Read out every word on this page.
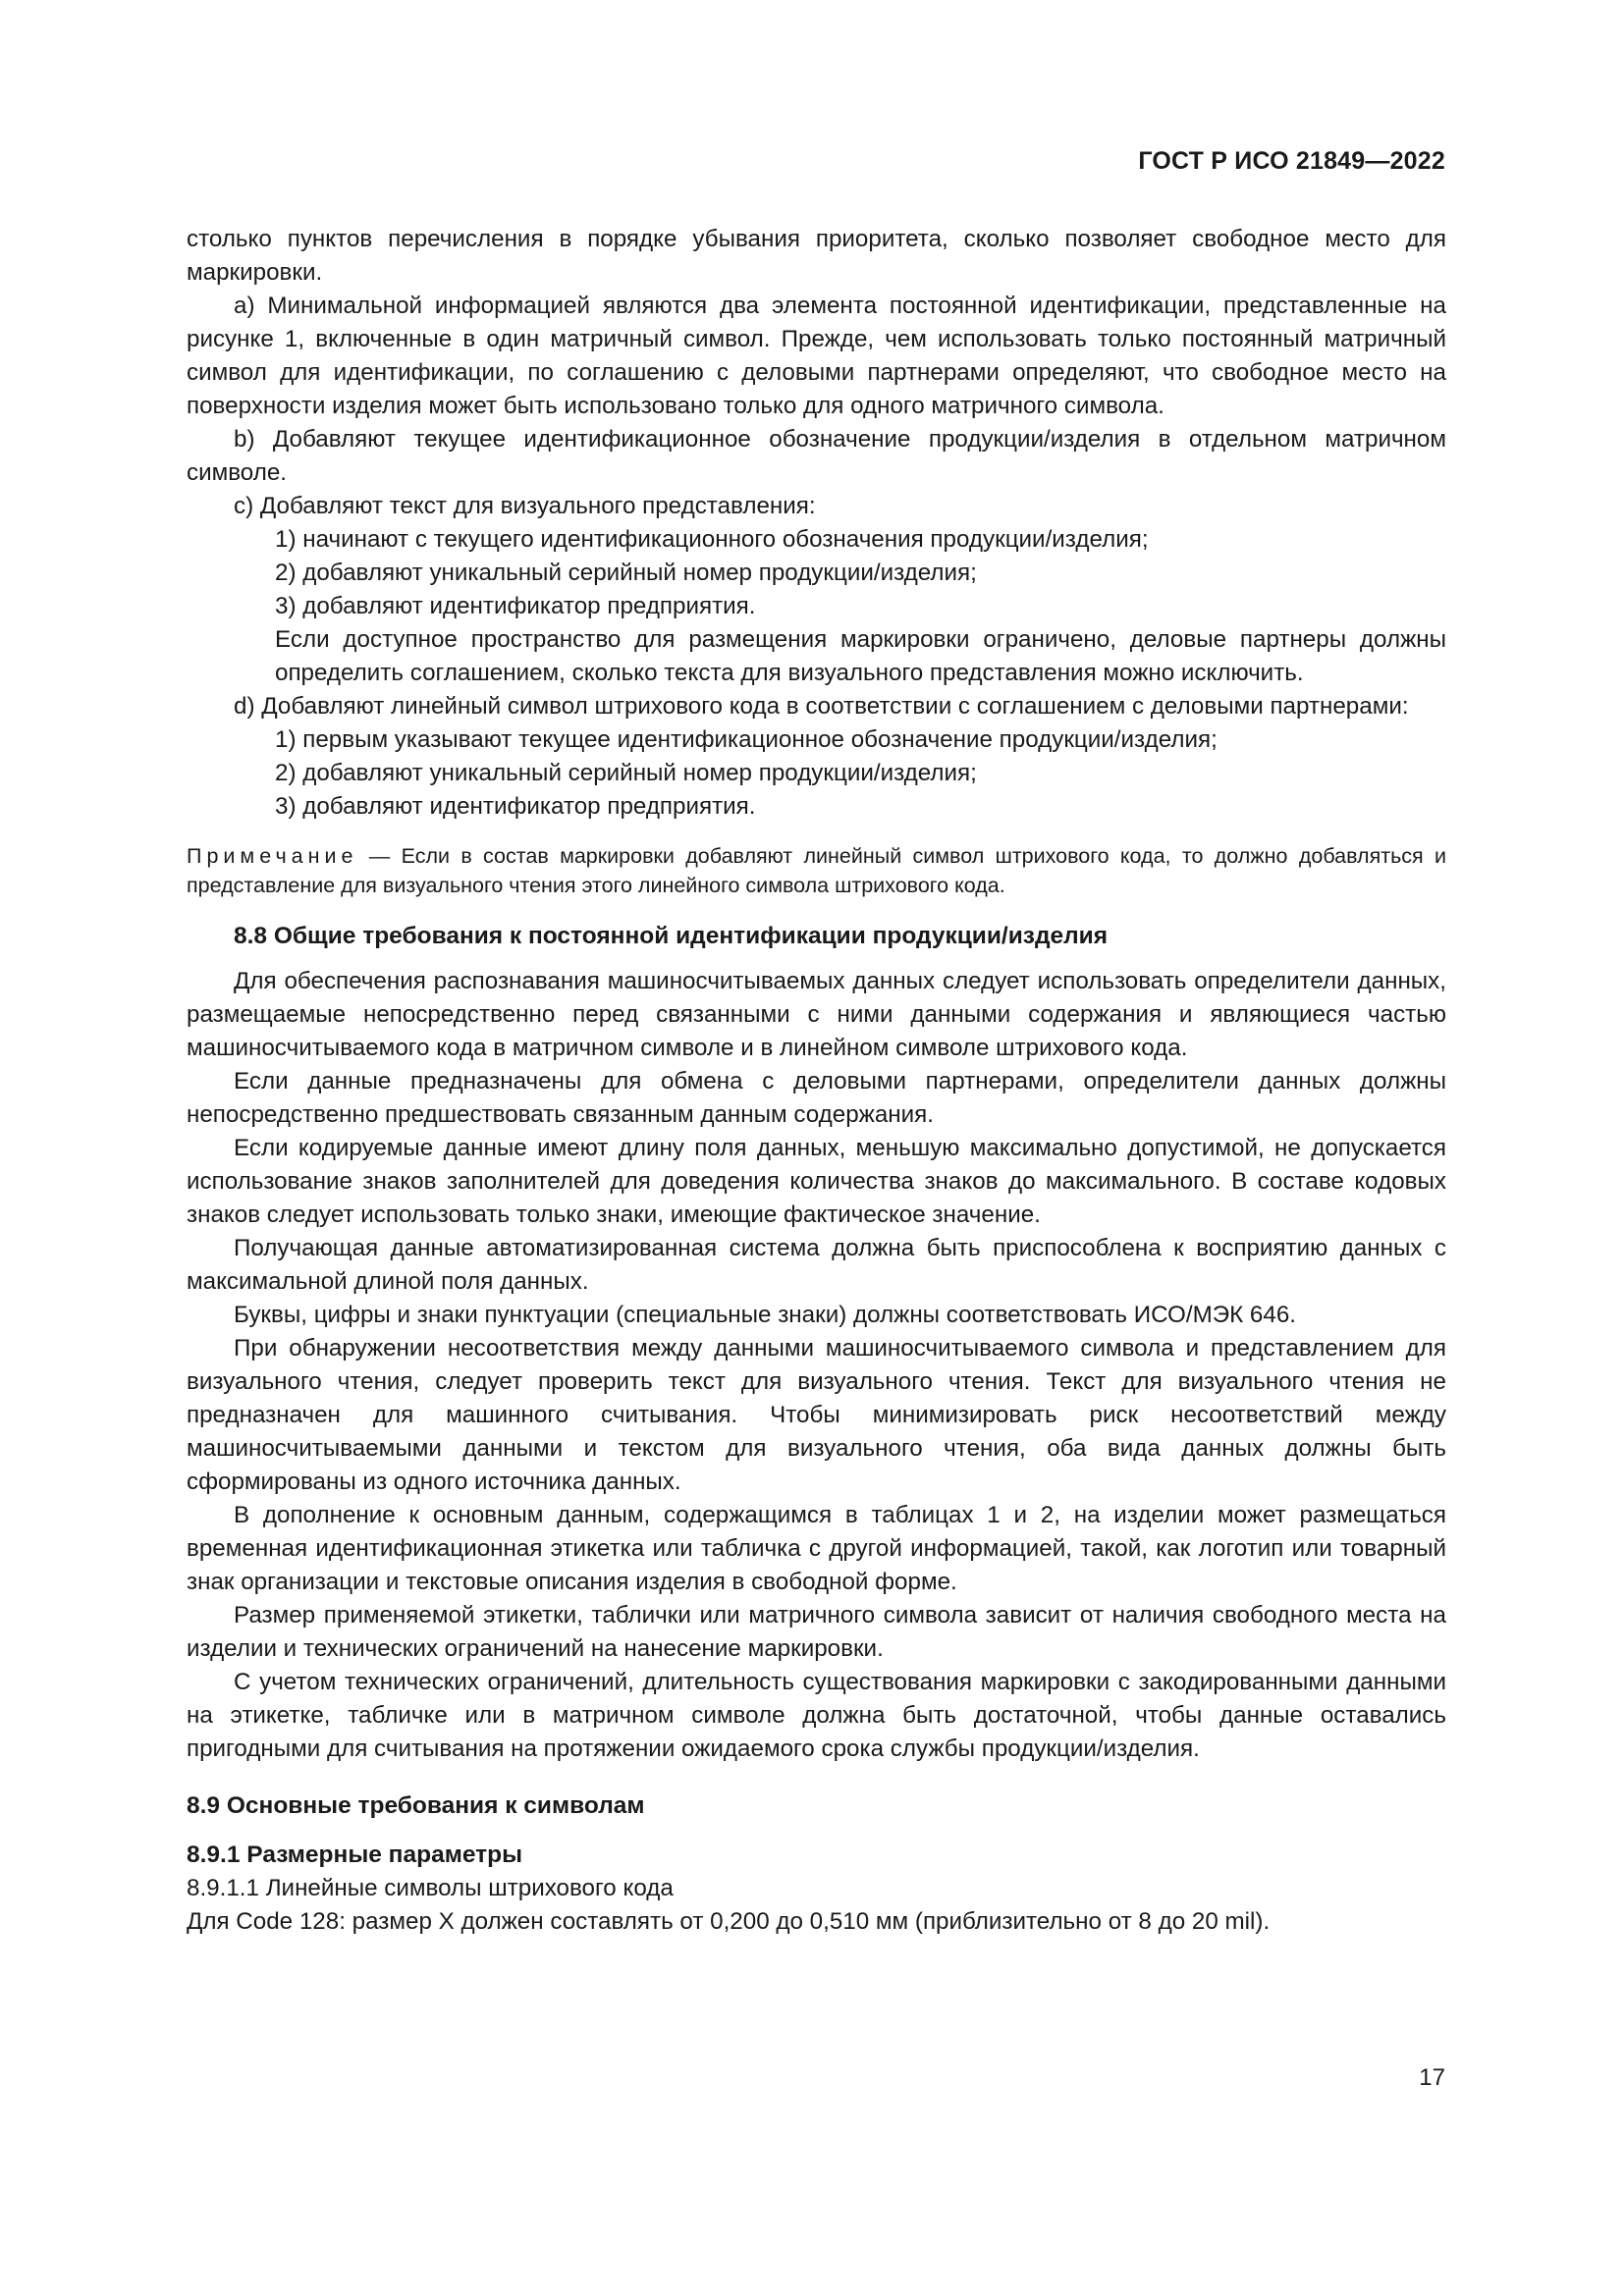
ГОСТ Р ИСО 21849—2022

столько пунктов перечисления в порядке убывания приоритета, сколько позволяет свободное место для маркировки.

a) Минимальной информацией являются два элемента постоянной идентификации, представленные на рисунке 1, включенные в один матричный символ. Прежде, чем использовать только постоянный матричный символ для идентификации, по соглашению с деловыми партнерами определяют, что свободное место на поверхности изделия может быть использовано только для одного матричного символа.

b) Добавляют текущее идентификационное обозначение продукции/изделия в отдельном матричном символе.

c) Добавляют текст для визуального представления:

1) начинают с текущего идентификационного обозначения продукции/изделия;

2) добавляют уникальный серийный номер продукции/изделия;

3) добавляют идентификатор предприятия.

Если доступное пространство для размещения маркировки ограничено, деловые партнеры должны определить соглашением, сколько текста для визуального представления можно исключить.

d) Добавляют линейный символ штрихового кода в соответствии с соглашением с деловыми партнерами:

1) первым указывают текущее идентификационное обозначение продукции/изделия;

2) добавляют уникальный серийный номер продукции/изделия;

3) добавляют идентификатор предприятия.

Примечание — Если в состав маркировки добавляют линейный символ штрихового кода, то должно добавляться и представление для визуального чтения этого линейного символа штрихового кода.

8.8 Общие требования к постоянной идентификации продукции/изделия

Для обеспечения распознавания машиносчитываемых данных следует использовать определители данных, размещаемые непосредственно перед связанными с ними данными содержания и являющиеся частью машиносчитываемого кода в матричном символе и в линейном символе штрихового кода.

Если данные предназначены для обмена с деловыми партнерами, определители данных должны непосредственно предшествовать связанным данным содержания.

Если кодируемые данные имеют длину поля данных, меньшую максимально допустимой, не допускается использование знаков заполнителей для доведения количества знаков до максимального. В составе кодовых знаков следует использовать только знаки, имеющие фактическое значение.

Получающая данные автоматизированная система должна быть приспособлена к восприятию данных с максимальной длиной поля данных.

Буквы, цифры и знаки пунктуации (специальные знаки) должны соответствовать ИСО/МЭК 646.

При обнаружении несоответствия между данными машиносчитываемого символа и представлением для визуального чтения, следует проверить текст для визуального чтения. Текст для визуального чтения не предназначен для машинного считывания. Чтобы минимизировать риск несоответствий между машиносчитываемыми данными и текстом для визуального чтения, оба вида данных должны быть сформированы из одного источника данных.

В дополнение к основным данным, содержащимся в таблицах 1 и 2, на изделии может размещаться временная идентификационная этикетка или табличка с другой информацией, такой, как логотип или товарный знак организации и текстовые описания изделия в свободной форме.

Размер применяемой этикетки, таблички или матричного символа зависит от наличия свободного места на изделии и технических ограничений на нанесение маркировки.

С учетом технических ограничений, длительность существования маркировки с закодированными данными на этикетке, табличке или в матричном символе должна быть достаточной, чтобы данные оставались пригодными для считывания на протяжении ожидаемого срока службы продукции/изделия.

8.9 Основные требования к символам
8.9.1 Размерные параметры

8.9.1.1 Линейные символы штрихового кода

Для Code 128: размер X должен составлять от 0,200 до 0,510 мм (приблизительно от 8 до 20 mil).

17
